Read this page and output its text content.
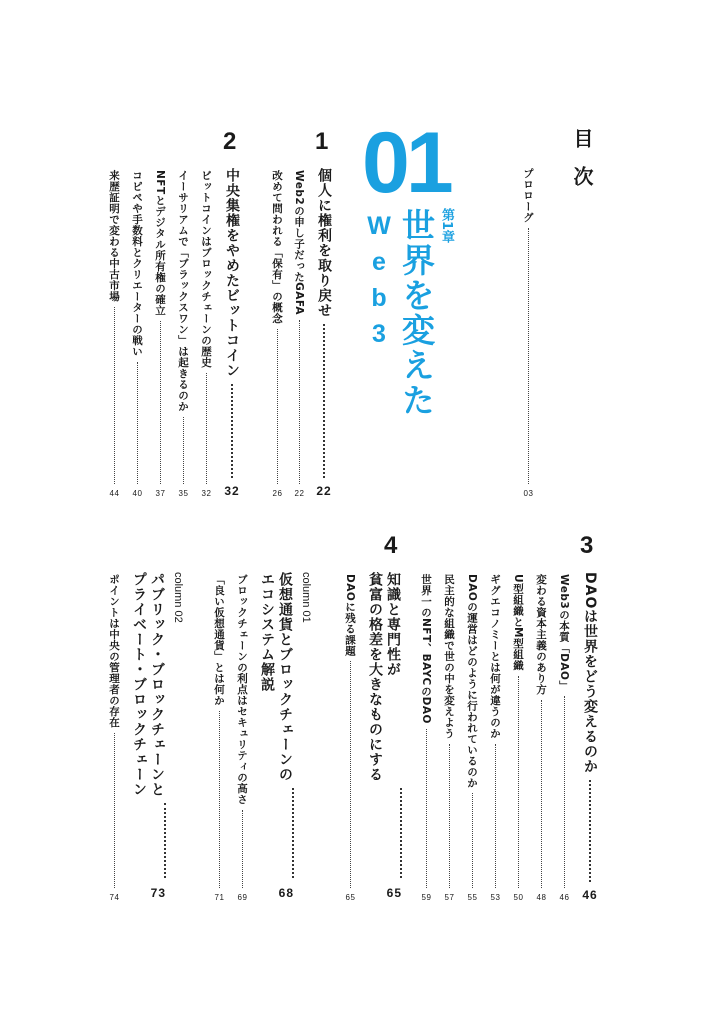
目次
プロローグ
03
01
第1章
世界を変えた
Web3
1
2
3
4
個人に権利を取り戻せ
22
Web2の申し子だったGAFA
22
改めて問われる「保有」の概念
26
中央集権をやめたビットコイン
32
ビットコインはブロックチェーンの歴史
32
イーサリアムで「ブラックスワン」は起きるのか
35
NFTとデジタル所有権の確立
37
コピペや手数料とクリエーターの戦い
40
来歴証明で変わる中古市場
44
DAOは世界をどう変えるのか
46
Web3の本質「DAO」
46
変わる資本主義のあり方
48
U型組織とM型組織
50
ギグエコノミーとは何が違うのか
53
DAOの運営はどのように行われているのか
55
民主的な組織で世の中を変えよう
57
世界一のNFT、BAYCのDAO
59
知識と専門性が
貧富の格差を大きなものにする
65
DAOに残る課題
65
column 01
仮想通貨とブロックチェーンの
エコシステム解説
68
ブロックチェーンの利点はセキュリティの高さ
69
「良い仮想通貨」とは何か
71
column 02
パブリック・ブロックチェーンと
プライベート・ブロックチェーン
73
ポイントは中央の管理者の存在
74
